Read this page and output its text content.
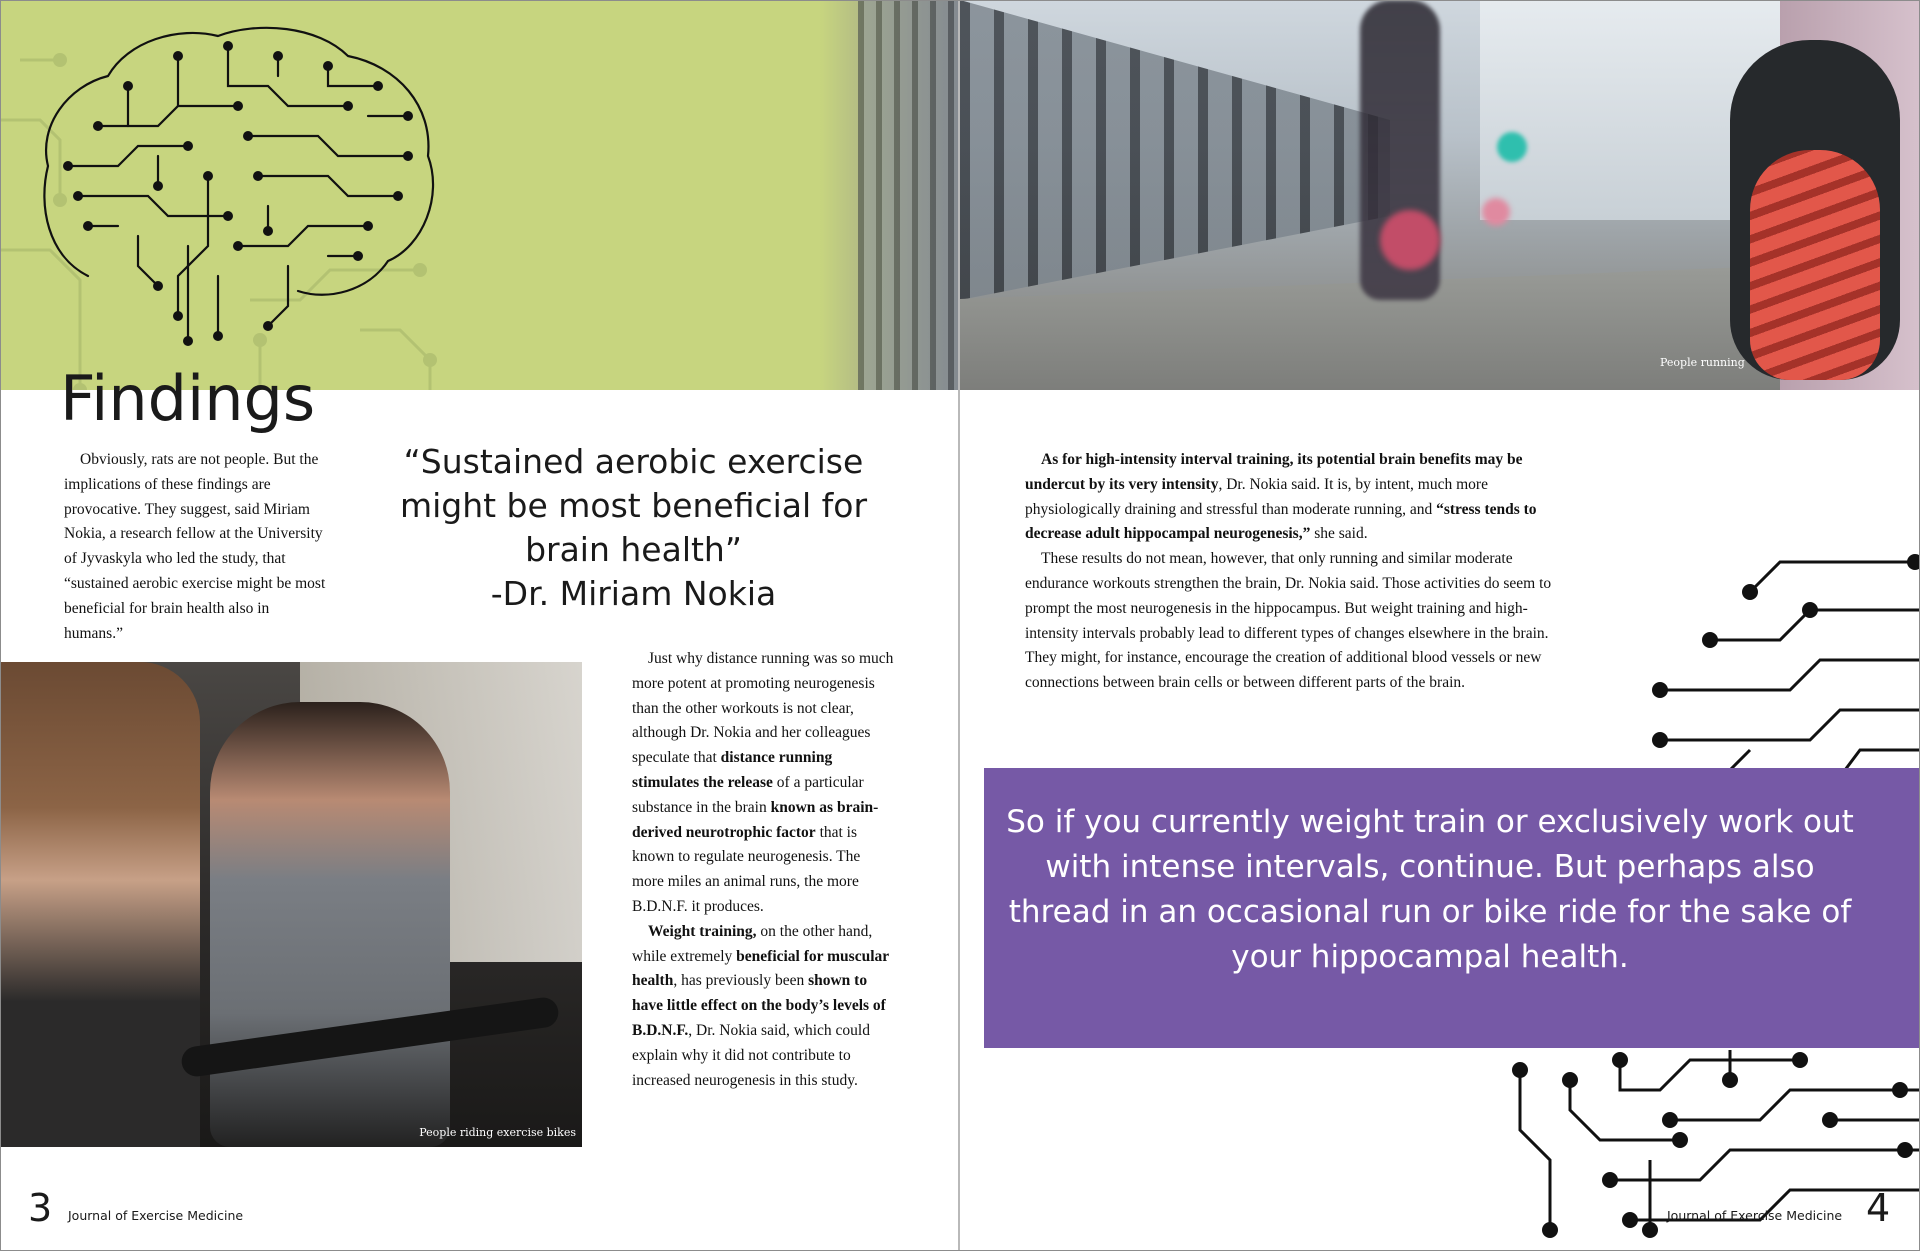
Findings

Obviously, rats are not people. But the implications of these findings are provocative. They suggest, said Miriam Nokia, a research fellow at the University of Jyvaskyla who led the study, that “sustained aerobic exercise might be most beneficial for brain health also in humans.”

“Sustained aerobic exercise might be most beneficial for brain health”
-Dr. Miriam Nokia
People riding exercise bikes

Just why distance running was so much more potent at promoting neurogenesis than the other workouts is not clear, although Dr. Nokia and her colleagues speculate that distance running stimulates the release of a particular substance in the brain known as brain-derived neurotrophic factor that is known to regulate neurogenesis. The more miles an animal runs, the more B.D.N.F. it produces.

Weight training, on the other hand, while extremely beneficial for muscular health, has previously been shown to have little effect on the body’s levels of B.D.N.F., Dr. Nokia said, which could explain why it did not contribute to increased neurogenesis in this study.

3 Journal of Exercise Medicine
People running

As for high-intensity interval training, its potential brain benefits may be undercut by its very intensity, Dr. Nokia said. It is, by intent, much more physiologically draining and stressful than moderate running, and “stress tends to decrease adult hippocampal neurogenesis,” she said.

These results do not mean, however, that only running and similar moderate endurance workouts strengthen the brain, Dr. Nokia said. Those activities do seem to prompt the most neurogenesis in the hippocampus. But weight training and high-intensity intervals probably lead to different types of changes elsewhere in the brain. They might, for instance, encourage the creation of additional blood vessels or new connections between brain cells or between different parts of the brain.

So if you currently weight train or exclusively work out with intense intervals, continue. But perhaps also thread in an occasional run or bike ride for the sake of your hippocampal health.
Journal of Exercise Medicine 4
